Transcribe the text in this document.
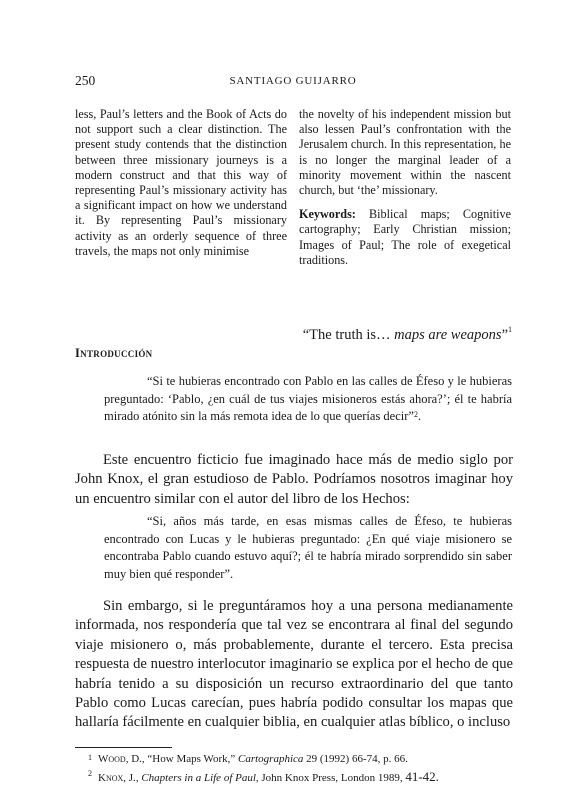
250	SANTIAGO GUIJARRO
less, Paul’s letters and the Book of Acts do not support such a clear distinction. The present study contends that the distinction between three missionary journeys is a modern construct and that this way of representing Paul’s missionary activity has a significant impact on how we understand it. By representing Paul’s missionary activity as an orderly sequence of three travels, the maps not only minimise
the novelty of his independent mission but also lessen Paul’s confrontation with the Jerusalem church. In this representation, he is no longer the marginal leader of a minority movement within the nascent church, but ‘the’ missionary.
Keywords: Biblical maps; Cognitive cartography; Early Christian mission; Images of Paul; The role of exegetical traditions.
“The truth is… maps are weapons”$^1$
Introducción
“Si te hubieras encontrado con Pablo en las calles de Éfeso y le hubieras preguntado: ‘Pablo, ¿en cuál de tus viajes misioneros estás ahora?’; él te habría mirado atónito sin la más remota idea de lo que querías decir”$^2$.
Este encuentro ficticio fue imaginado hace más de medio siglo por John Knox, el gran estudioso de Pablo. Podríamos nosotros imaginar hoy un encuentro similar con el autor del libro de los Hechos:
“Si, años más tarde, en esas mismas calles de Éfeso, te hubieras encontrado con Lucas y le hubieras preguntado: ¿En qué viaje misionero se encontraba Pablo cuando estuvo aquí?; él te habría mirado sorprendido sin saber muy bien qué responder”.
Sin embargo, si le preguntáramos hoy a una persona medianamente informada, nos respondería que tal vez se encontrara al final del segundo viaje misionero o, más probablemente, durante el tercero. Esta precisa respuesta de nuestro interlocutor imaginario se explica por el hecho de que habría tenido a su disposición un recurso extraordinario del que tanto Pablo como Lucas carecían, pues habría podido consultar los mapas que hallaría fácilmente en cualquier biblia, en cualquier atlas bíblico, o incluso
$^1$ Wood, D., “How Maps Work,” Cartographica 29 (1992) 66-74, p. 66.
$^2$ Knox, J., Chapters in a Life of Paul, John Knox Press, London 1989, 41-42.
